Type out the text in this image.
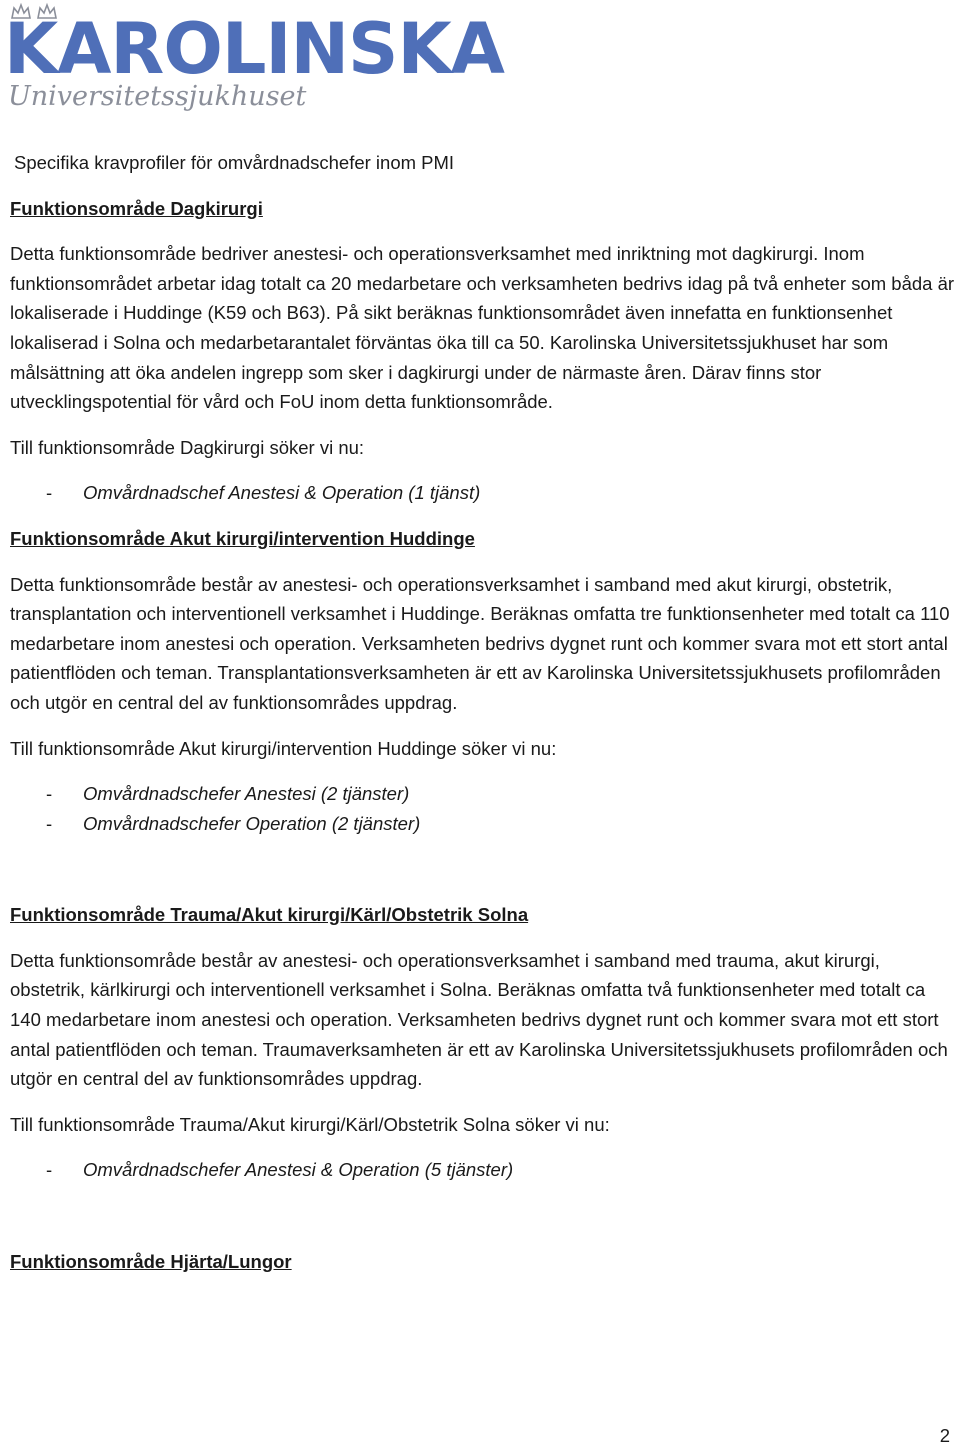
KAROLINSKA
Universitetssjukhuset

Specifika kravprofiler för omvårdnadschefer inom PMI

Funktionsområde Dagkirurgi

Detta funktionsområde bedriver anestesi- och operationsverksamhet med inriktning mot dagkirurgi. Inom funktionsområdet arbetar idag totalt ca 20 medarbetare och verksamheten bedrivs idag på två enheter som båda är lokaliserade i Huddinge (K59 och B63). På sikt beräknas funktionsområdet även innefatta en funktionsenhet lokaliserad i Solna och medarbetarantalet förväntas öka till ca 50. Karolinska Universitetssjukhuset har som målsättning att öka andelen ingrepp som sker i dagkirurgi under de närmaste åren. Därav finns stor utvecklingspotential för vård och FoU inom detta funktionsområde.

Till funktionsområde Dagkirurgi söker vi nu:

- Omvårdnadschef Anestesi & Operation (1 tjänst)
Funktionsområde Akut kirurgi/intervention Huddinge

Detta funktionsområde består av anestesi- och operationsverksamhet i samband med akut kirurgi, obstetrik, transplantation och interventionell verksamhet i Huddinge. Beräknas omfatta tre funktionsenheter med totalt ca 110 medarbetare inom anestesi och operation. Verksamheten bedrivs dygnet runt och kommer svara mot ett stort antal patientflöden och teman. Transplantationsverksamheten är ett av Karolinska Universitetssjukhusets profilområden och utgör en central del av funktionsområdes uppdrag.

Till funktionsområde Akut kirurgi/intervention Huddinge söker vi nu:

- Omvårdnadschefer Anestesi (2 tjänster)
- Omvårdnadschefer Operation (2 tjänster)
Funktionsområde Trauma/Akut kirurgi/Kärl/Obstetrik Solna

Detta funktionsområde består av anestesi- och operationsverksamhet i samband med trauma, akut kirurgi, obstetrik, kärlkirurgi och interventionell verksamhet i Solna. Beräknas omfatta två funktionsenheter med totalt ca 140 medarbetare inom anestesi och operation. Verksamheten bedrivs dygnet runt och kommer svara mot ett stort antal patientflöden och teman. Traumaverksamheten är ett av Karolinska Universitetssjukhusets profilområden och utgör en central del av funktionsområdes uppdrag.

Till funktionsområde Trauma/Akut kirurgi/Kärl/Obstetrik Solna söker vi nu:

- Omvårdnadschefer Anestesi & Operation (5 tjänster)
Funktionsområde Hjärta/Lungor
2
